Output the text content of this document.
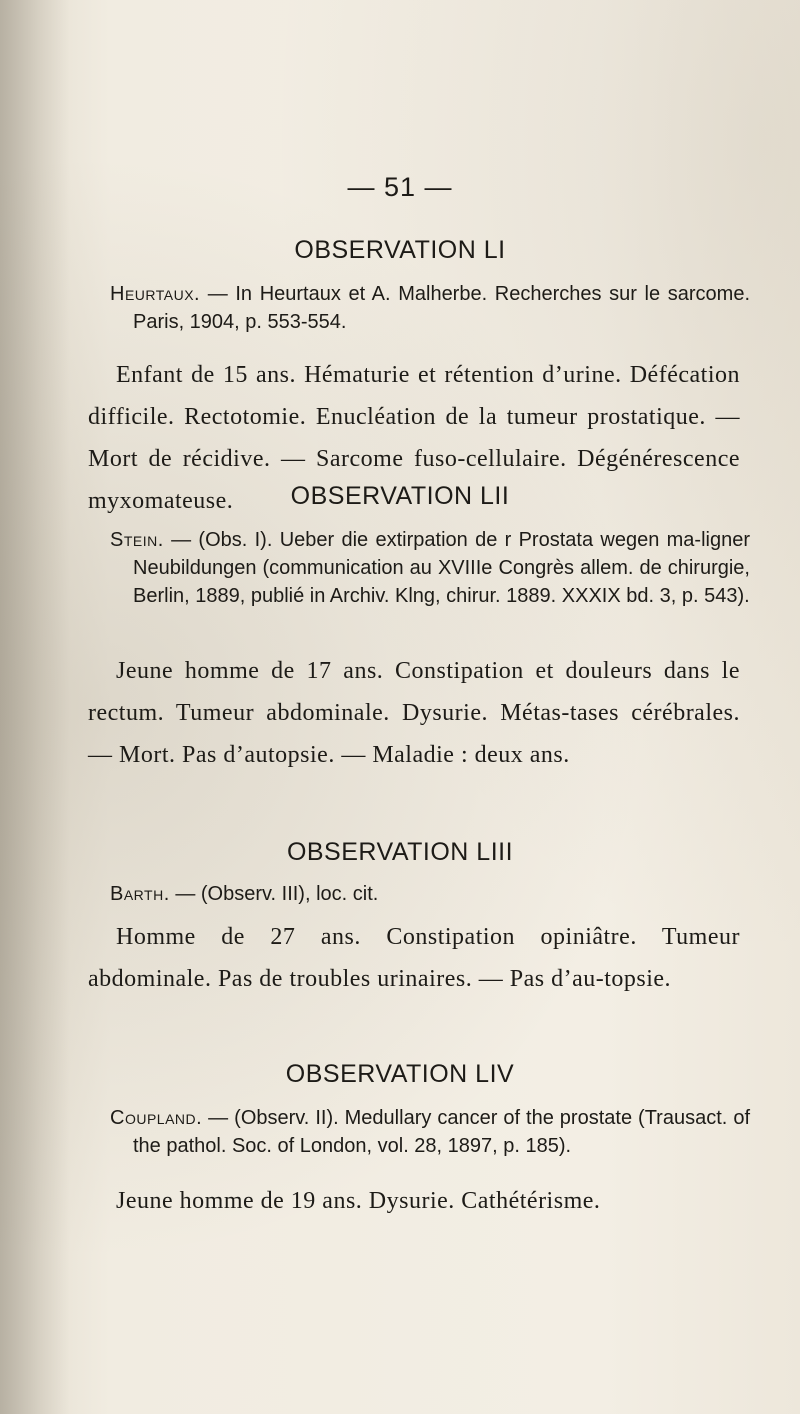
— 51 —
OBSERVATION LI
Heurtaux. — In Heurtaux et A. Malherbe. Recherches sur le sarcome. Paris, 1904, p. 553-554.
Enfant de 15 ans. Hématurie et rétention d’urine. Défécation difficile. Rectotomie. Enucléation de la tumeur prostatique. — Mort de récidive. — Sarcome fuso-cellulaire. Dégénérescence myxomateuse.	OBSERVATION LII
Stein. — (Obs. I). Ueber die extirpation de r Prostata wegen ma-ligner Neubildungen (communication au XVIIIe Congrès allem. de chirurgie, Berlin, 1889, publié in Archiv. Klng, chirur. 1889. XXXIX bd. 3, p. 543).
Jeune homme de 17 ans. Constipation et douleurs dans le rectum. Tumeur abdominale. Dysurie. Métas-tases cérébrales. — Mort. Pas d’autopsie. — Maladie : deux ans.
OBSERVATION LIII
Barth. — (Observ. III), loc. cit.
Homme de 27 ans. Constipation opiniâtre. Tumeur abdominale. Pas de troubles urinaires. — Pas d’au-topsie.
OBSERVATION LIV
Coupland. — (Observ. II). Medullary cancer of the prostate (Trausact. of the pathol. Soc. of London, vol. 28, 1897, p. 185).
Jeune homme de 19 ans. Dysurie. Cathétérisme.
